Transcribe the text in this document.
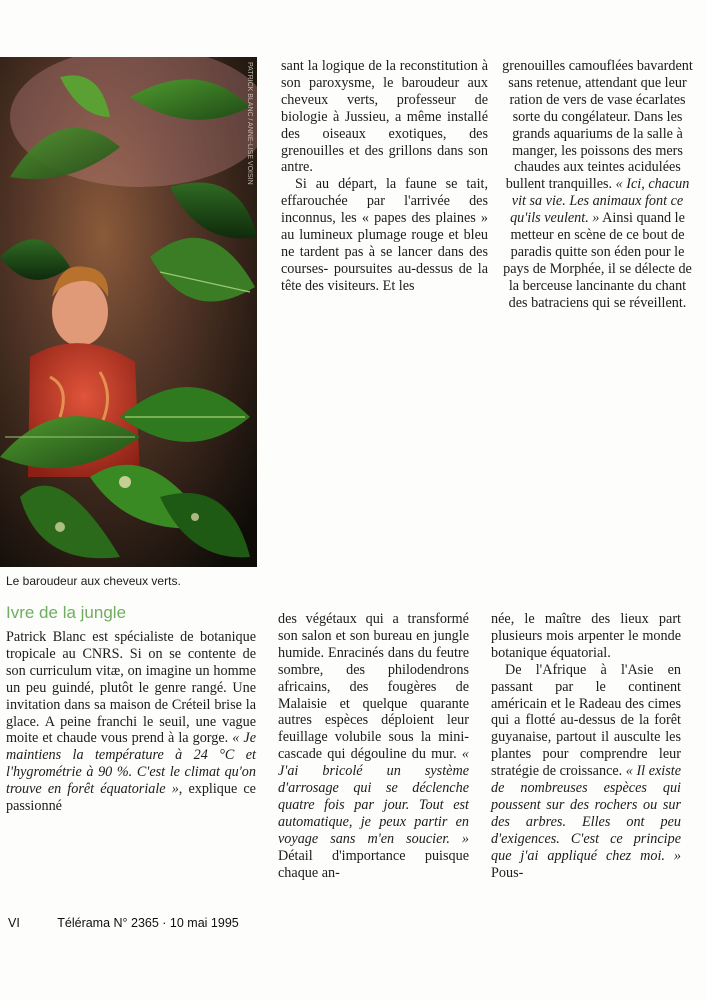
PATRICK BLANC / ANNE-LISE VOISIN
Le baroudeur aux cheveux verts.

sant la logique de la reconstitution à son paroxysme, le baroudeur aux cheveux verts, professeur de biologie à Jussieu, a même installé des oiseaux exotiques, des grenouilles et des grillons dans son antre.

Si au départ, la faune se tait, effarouchée par l'arrivée des inconnus, les « papes des plaines » au lumineux plumage rouge et bleu ne tardent pas à se lancer dans des courses- poursuites au-dessus de la tête des visiteurs. Et les

grenouilles camouflées bavardent sans retenue, attendant que leur ration de vers de vase écarlates sorte du congélateur. Dans les grands aquariums de la salle à manger, les poissons des mers chaudes aux teintes acidulées bullent tranquilles. « Ici, chacun vit sa vie. Les animaux font ce qu'ils veulent. » Ainsi quand le metteur en scène de ce bout de paradis quitte son éden pour le pays de Morphée, il se délecte de la berceuse lancinante du chant des batraciens qui se réveillent.

Ivre de la jungle

Patrick Blanc est spécialiste de botanique tropicale au CNRS. Si on se contente de son curriculum vitæ, on imagine un homme un peu guindé, plutôt le genre rangé. Une invitation dans sa maison de Créteil brise la glace. A peine franchi le seuil, une vague moite et chaude vous prend à la gorge. « Je maintiens la température à 24 °C et l'hygrométrie à 90 %. C'est le climat qu'on trouve en forêt équatoriale », explique ce passionné

des végétaux qui a transformé son salon et son bureau en jungle humide. Enracinés dans du feutre sombre, des philodendrons africains, des fougères de Malaisie et quelque quarante autres espèces déploient leur feuillage volubile sous la mini-cascade qui dégouline du mur. « J'ai bricolé un système d'arrosage qui se déclenche quatre fois par jour. Tout est automatique, je peux partir en voyage sans m'en soucier. » Détail d'importance puisque chaque an-

née, le maître des lieux part plusieurs mois arpenter le monde botanique équatorial.

De l'Afrique à l'Asie en passant par le continent américain et le Radeau des cimes qui a flotté au-dessus de la forêt guyanaise, partout il ausculte les plantes pour comprendre leur stratégie de croissance. « Il existe de nombreuses espèces qui poussent sur des rochers ou sur des arbres. Elles ont peu d'exigences. C'est ce principe que j'ai appliqué chez moi. » Pous-

VI	Télérama N° 2365 · 10 mai 1995
